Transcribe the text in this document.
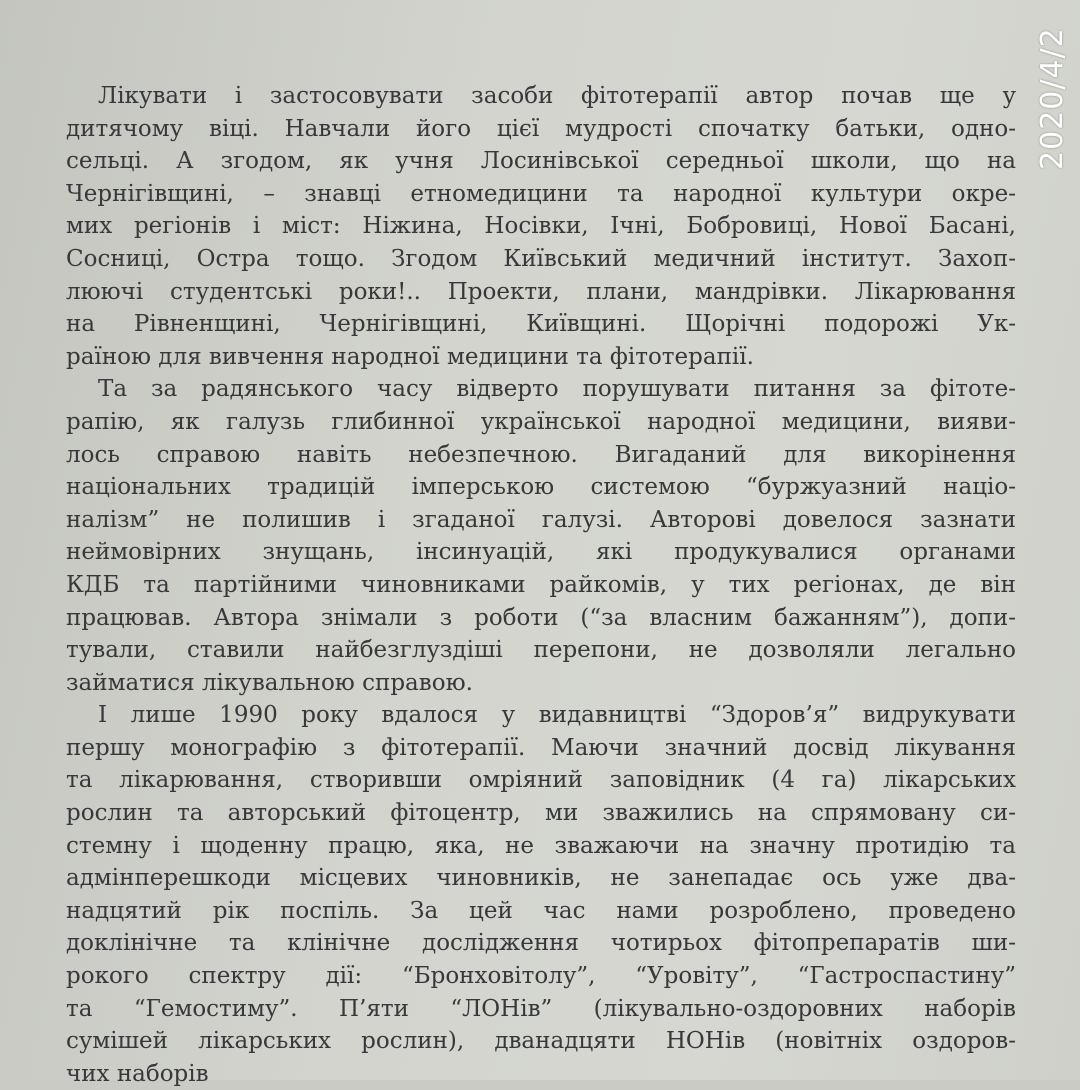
Лікувати і застосовувати засоби фітотерапії автор почав ще у
дитячому віці. Навчали його цієї мудрості спочатку батьки, одно-
сельці. А згодом, як учня Лосинівської середньої школи, що на
Чернігівщині, – знавці етномедицини та народної культури окре-
мих регіонів і міст: Ніжина, Носівки, Ічні, Бобровиці, Нової Басані,
Сосниці, Остра тощо. Згодом Київський медичний інститут. Захоп-
люючі студентські роки!.. Проекти, плани, мандрівки. Лікарювання
на Рівненщині, Чернігівщині, Київщині. Щорічні подорожі Ук-
раїною для вивчення народної медицини та фітотерапії.
Та за радянського часу відверто порушувати питання за фітоте-
рапію, як галузь глибинної української народної медицини, вияви-
лось справою навіть небезпечною. Вигаданий для викорінення
національних традицій імперською системою “буржуазний націо-
налізм” не полишив і згаданої галузі. Авторові довелося зазнати
неймовірних знущань, інсинуацій, які продукувалися органами
КДБ та партійними чиновниками райкомів, у тих регіонах, де він
працював. Автора знімали з роботи (“за власним бажанням”), допи-
тували, ставили найбезглуздіші перепони, не дозволяли легально
займатися лікувальною справою.
І лише 1990 року вдалося у видавництві “Здоров’я” видрукувати
першу монографію з фітотерапії. Маючи значний досвід лікування
та лікарювання, створивши омріяний заповідник (4 га) лікарських
рослин та авторський фітоцентр, ми зважились на спрямовану си-
стемну і щоденну працю, яка, не зважаючи на значну протидію та
адмінперешкоди місцевих чиновників, не занепадає ось уже два-
надцятий рік поспіль. За цей час нами розроблено, проведено
доклінічне та клінічне дослідження чотирьох фітопрепаратів ши-
рокого спектру дії: “Бронховітолу”, “Уровіту”, “Гастроспастину”
та “Гемостиму”. П’яти “ЛОНів” (лікувально-оздоровних наборів
сумішей лікарських рослин), дванадцяти НОНів (новітніх оздоров-
чих наборів
2020/4/2
